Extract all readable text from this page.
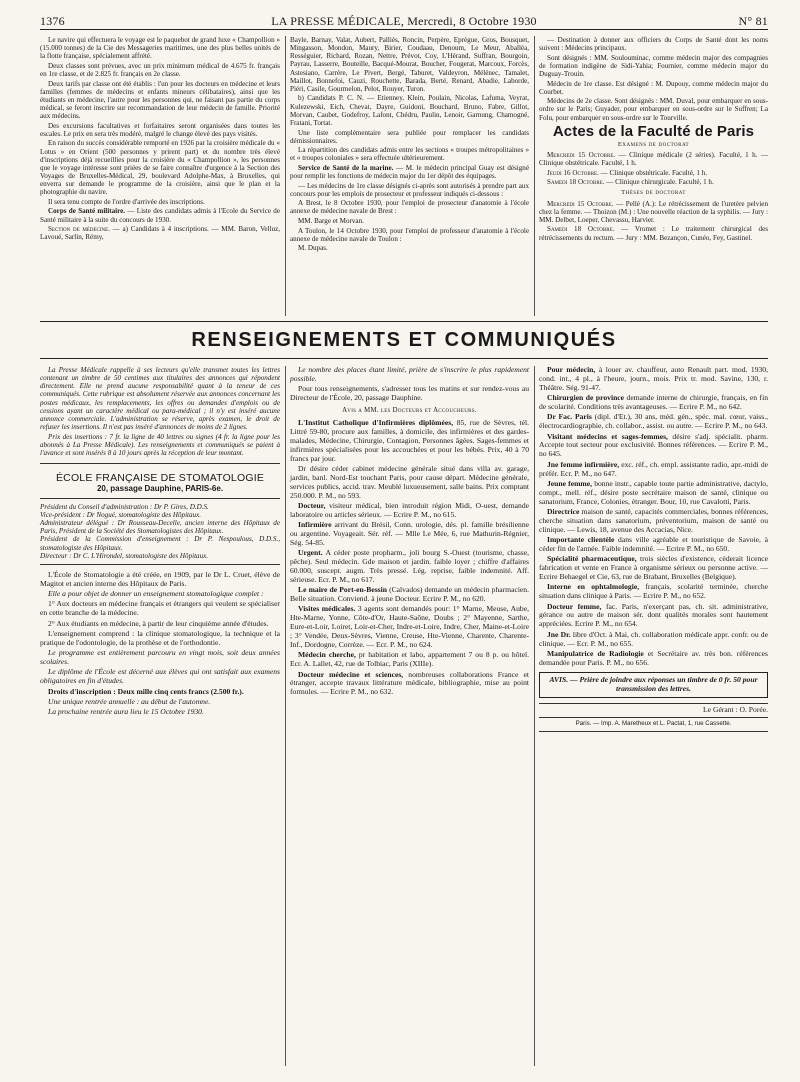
1376	LA PRESSE MÉDICALE, Mercredi, 8 Octobre 1930	N° 81

Le navire qui effectuera le voyage est le paquebot de grand luxe « Champollion » (15.000 tonnes) de la Cie des Messageries maritimes, une des plus belles unités de la flotte française, spécialement affrété.

Deux classes sont prévues, avec un prix minimum médical de 4.675 fr. français en 1re classe, et de 2.825 fr. français en 2e classe.

Deux tarifs par classe ont été établis : l'un pour les docteurs en médecine et leurs familles (femmes de médecins et enfants mineurs célibataires), ainsi que les étudiants en médecine, l'autre pour les personnes qui, ne faisant pas partie du corps médical, se feront inscrire sur recommandation de leur médecin de famille. Priorité aux médecins.

Des excursions facultatives et forfaitaires seront organisées dans toutes les escales. Le prix en sera très modéré, malgré le change élevé des pays visités.

En raison du succès considérable remporté en 1926 par la croisière médicale du « Lotus » en Orient (500 personnes y prirent part) et du nombre très élevé d'inscriptions déjà recueillies pour la croisière du « Champollion », les personnes que le voyage intéresse sont priées de se faire connaître d'urgence à la Section des Voyages de Bruxelles-Médical, 29, boulevard Adolphe-Max, à Bruxelles, qui enverra sur demande le programme de la croisière, ainsi que le plan et la photographie du navire.

Il sera tenu compte de l'ordre d'arrivée des inscriptions.

Corps de Santé militaire. — Liste des candidats admis à l'Ecole du Service de Santé militaire à la suite du concours de 1930.

Section de médecine. — a) Candidats à 4 inscriptions. — MM. Baron, Velluz, Lavoué, Sarlin, Rémy,

Bayle, Barnay, Valat, Aubert, Palliès, Roncin, Perpère, Eprègue, Gros, Bousquet, Mingasson, Mondon, Maury, Birier, Coudaau, Denoum, Le Meur, Aballéa, Rességuier, Richard, Rozan, Nettre, Prévot, Coy, L'Hérand, Suffran, Bourgoin, Payrau, Lasserre, Bouteille, Bacqué-Mourat, Boucher, Fougerat, Marcoux, Forcès, Astesiano, Carrère, Le Pivert, Bergé, Taburet, Valdeyron, Mélénec, Tamalet, Maillot, Bonnefoi, Cauzi, Rouchette, Barada, Berté, Renard, Abadie, Laborde, Piéri, Casile, Gourmelon, Pelot, Rouyer, Turon.

b) Candidats P. C. N. — Etienney, Klein, Poulain, Nicolas, Lafuma, Veyrat, Kulezewski, Eich, Chevat, Dayre, Guidoni, Bouchard, Bruno, Fabre, Gillot, Morvan, Caubet, Godefroy, Lafont, Chédru, Paulin, Lenoir, Garnung, Chamogné, Fratani, Tortat.

Une liste complémentaire sera publiée pour remplacer les candidats démissionnaires.

La répartition des candidats admis entre les sections « troupes métropolitaines » et « troupes coloniales » sera effectuée ultérieurement.

Service de Santé de la marine. — M. le médecin principal Guay est désigné pour remplir les fonctions de médecin major du 1er dépôt des équipages.

— Les médecins de 1re classe désignés ci-après sont autorisés à prendre part aux concours pour les emplois de prosecteur et professeur indiqués ci-dessous :

A Brest, le 8 Octobre 1930, pour l'emploi de prosecteur d'anatomie à l'école annexe de médecine navale de Brest :

MM. Barge et Morvan.

A Toulon, le 14 Octobre 1930, pour l'emploi de professeur d'anatomie à l'école annexe de médecine navale de Toulon :

M. Dupas.

— Destination à donner aux officiers du Corps de Santé dont les noms suivent : Médecins principaux.

Sont désignés : MM. Soulouminac, comme médecin major des compagnies de formation indigène de Sidi-Yahia; Fournier, comme médecin major du Duguay-Trouin.

Médecin de 1re classe. Est désigné : M. Dupouy, comme médecin major du Courbet.

Médecins de 2e classe. Sont désignés : MM. Duval, pour embarquer en sous-ordre sur le Paris; Guyader, pour embarquer en sous-ordre sur le Suffren; La Folu, pour embarquer en sous-ordre sur le Tourville.

Actes de la Faculté de Paris
Examens de doctorat

Mercredi 15 Octobre. — Clinique médicale (2 séries). Faculté, 1 h. — Clinique obstétricale. Faculté, 1 h.

Jeudi 16 Octobre. — Clinique obstétricale. Faculté, 1 h.

Samedi 18 Octobre. — Clinique chirurgicale. Faculté, 1 h.

Thèses de doctorat

Mercredi 15 Octobre. — Pellé (A.): Le rétrécissement de l'uretère pelvien chez la femme. — Thoizon (M.) : Une nouvelle réaction de la syphilis. — Jury : MM. Delbet, Loeper, Chevassu, Harvier.

Samedi 18 Octobre. — Vromet : Le traitement chirurgical des rétrécissements du rectum. — Jury : MM. Bezançon, Cunéo, Fey, Gastinel.

RENSEIGNEMENTS ET COMMUNIQUÉS

La Presse Médicale rappelle à ses lecteurs qu'elle transmet toutes les lettres contenant un timbre de 50 centimes aux titulaires des annonces qui répondent directement. Elle ne prend aucune responsabilité quant à la teneur de ces communiqués. Cette rubrique est absolument réservée aux annonces concernant les postes médicaux, les remplacements, les offres ou demandes d'emplois ou de cessions ayant un caractère médical ou para-médical ; il n'y est inséré aucune annonce commerciale. L'administration se réserve, après examen, le droit de refuser les insertions. Il n'est pas inséré d'annonces de moins de 2 lignes.

Prix des insertions : 7 fr. la ligne de 40 lettres ou signes (4 fr. la ligne pour les abonnés à La Presse Médicale). Les renseignements et communiqués se paient à l'avance et sont insérés 8 à 10 jours après la réception de leur montant.

ÉCOLE FRANÇAISE DE STOMATOLOGIE
20, passage Dauphine, PARIS-6e.

Président du Conseil d'administration : Dr P. Gires, D.D.S.

Vice-président : Dr Nogué, stomatologiste des Hôpitaux.

Administrateur délégué : Dr Rousseau-Decelle, ancien interne des Hôpitaux de Paris, Président de la Société des Stomatologistes des Hôpitaux.

Président de la Commission d'enseignement : Dr P. Nespoulous, D.D.S., stomatologiste des Hôpitaux.

Directeur : Dr C. L'Hirondel, stomatologiste des Hôpitaux.

L'École de Stomatologie a été créée, en 1909, par le Dr L. Cruet, élève de Magitot et ancien interne des Hôpitaux de Paris.

Elle a pour objet de donner un enseignement stomatologique complet :

1° Aux docteurs en médecine français et étrangers qui veulent se spécialiser en cette branche de la médecine.

2° Aux étudiants en médecine, à partir de leur cinquième année d'études.

L'enseignement comprend : la clinique stomatologique, la technique et la pratique de l'odontologie, de la prothèse et de l'orthodontie.

Le programme est entièrement parcouru en vingt mois, soit deux années scolaires.

Le diplôme de l'École est décerné aux élèves qui ont satisfait aux examens obligatoires en fin d'études.

Droits d'inscription : Deux mille cinq cents francs (2.500 fr.).

Une unique rentrée annuelle : au début de l'automne.

La prochaine rentrée aura lieu le 15 Octobre 1930.

Le nombre des places étant limité, prière de s'inscrire le plus rapidement possible.

Pour tous renseignements, s'adresser tous les matins et sur rendez-vous au Directeur de l'École, 20, passage Dauphine.

Avis a MM. les Docteurs et Accoucheurs.

L'Institut Catholique d'Infirmières diplômées, 85, rue de Sèvres, tél. Littré 59-80, procure aux familles, à domicile, des infirmières et des gardes-malades, Médecine, Chirurgie, Contagion, Personnes âgées. Sages-femmes et infirmières spécialisées pour les accouchées et pour les bébés. Prix, 40 à 70 francs par jour.

Dr désire céder cabinet médecine générale situé dans villa av. garage, jardin, banl. Nord-Est touchant Paris, pour cause départ. Médecine générale, services publics, accid. trav. Meublé luxueusement, salle bains. Prix comptant 250.000. P. M., no 593.

Docteur, visiteur médical, bien introduit région Midi, O-uest, demande laboratoire ou articles sérieux. — Ecrire P. M., no 615.

Infirmière arrivant du Brésil, Conn. urologie, dés. pl. famille brésilienne ou argentine. Voyageait. Sér. réf. — Mlle Le Mée, 6, rue Mathurin-Régnier, Ség. 54-85.

Urgent. A céder poste propharm., joli bourg S.-Ouest (tourisme, chasse, pêche). Seul médecin. Gde maison et jardin. faible loyer ; chiffre d'affaires 60.000, suscept. augm. Très pressé. Lég. reprise, faible indemnité. Aff. sérieuse. Ecr. P. M., no 617.

Le maire de Port-en-Bessin (Calvados) demande un médecin pharmacien. Belle situation. Conviend. à jeune Docteur. Ecrire P. M., no 620.

Visites médicales. 3 agents sont demandés pour: 1° Marne, Meuse, Aube, Hte-Marne, Yonne, Côte-d'Or, Haute-Saône, Doubs ; 2° Mayenne, Sarthe, Eure-et-Loir, Loiret, Loir-et-Cher, Indre-et-Loire, Indre, Cher, Maine-et-Loire ; 3° Vendée, Deux-Sèvres, Vienne, Creuse, Hte-Vienne, Charente, Charente-Inf., Dordogne, Corrèze. — Ecr. P. M., no 624.

Médecin cherche, pr habitation et labo, appartement 7 ou 8 p. ou hôtel. Ecr. A. Lallet, 42, rue de Tolbiac, Paris (XIIIe).

Docteur médecine et sciences, nombreuses collaborations France et étranger, accepte travaux littérature médicale, bibliographie, mise au point formules. — Ecrire P. M., no 632.

Pour médecin, à louer av. chauffeur, auto Renault part. mod. 1930, cond. int., 4 pl., à l'heure, journ., mois. Prix tr. mod. Savine, 130, r. Théâtre. Ség. 91-47.

Chirurgien de province demande interne de chirurgie, français, en fin de scolarité. Conditions très avantageuses. — Ecrire P. M., no 642.

Dr Fac. Paris (dipl. d'Et.), 30 ans, méd. gén., spéc. mal. cœur, vaiss., électrocardiographie, ch. collabor., assist. ou autre. — Ecrire P. M., no 643.

Visitant médecins et sages-femmes, désire s'adj. spécialit. pharm. Accepte tout secteur pour exclusivité. Bonnes références. — Ecrire P. M., no 645.

Jne femme infirmière, exc. réf., ch. empl. assistante radio, apr.-midi de préfér. Ecr. P. M., no 647.

Jeune femme, bonne instr., capable toute partie administrative, dactylo, compt., mell. réf., désire poste secrétaire maison de santé, clinique ou sanatorium, France, Colonies, étranger. Bour, 10, rue Cavalotti, Paris.

Directrice maison de santé, capacités commerciales, bonnes références, cherche situation dans sanatorium, préventorium, maison de santé ou clinique. — Lewis, 18, avenue des Accacias, Nice.

Importante clientèle dans ville agréable et touristique de Savoie, à céder fin de l'année. Faible indemnité. — Ecrire P. M., no 650.

Spécialité pharmaceutique, trois siècles d'existence, cèderait licence fabrication et vente en France à organisme sérieux ou personne active. — Ecrire Behaegel et Cie, 63, rue de Brabant, Bruxelles (Belgique).

Interne en ophtalmologie, français, scolarité terminée, cherche situation dans clinique à Paris. — Ecrire P. M., no 652.

Docteur femme, fac. Paris, n'exerçant pas, ch. sit. administrative, gérance ou autre de maison sér. dont qualités morales sont hautement appréciées. Ecrire P. M., no 654.

Jne Dr. libre d'Oct. à Mai, ch. collaboration médicale appr. confr. ou de clinique. — Ecr. P. M., no 655.

Manipulatrice de Radiologie et Secrétaire av. très bon. références demandée pour Paris. P. M., no 656.

AVIS. — Prière de joindre aux réponses un timbre de 0 fr. 50 pour transmission des lettres.
Le Gérant : O. Porée.
Paris. — Imp. A. Maretheux et L. Pactat, 1, rue Cassette.
